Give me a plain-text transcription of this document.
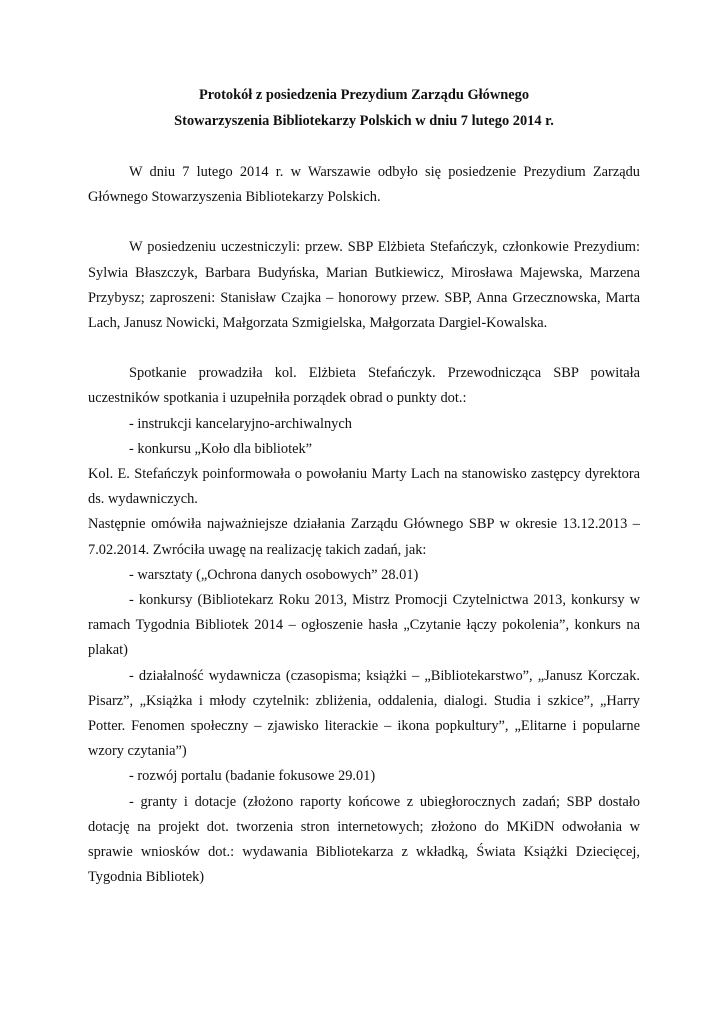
Protokół z posiedzenia Prezydium Zarządu Głównego
Stowarzyszenia Bibliotekarzy Polskich w dniu 7 lutego 2014 r.

W dniu 7 lutego 2014 r. w Warszawie odbyło się posiedzenie Prezydium Zarządu Głównego Stowarzyszenia Bibliotekarzy Polskich.

W posiedzeniu uczestniczyli: przew. SBP Elżbieta Stefańczyk, członkowie Prezydium: Sylwia Błaszczyk, Barbara Budyńska, Marian Butkiewicz, Mirosława Majewska, Marzena Przybysz; zaproszeni: Stanisław Czajka – honorowy przew. SBP, Anna Grzecznowska, Marta Lach, Janusz Nowicki, Małgorzata Szmigielska, Małgorzata Dargiel-Kowalska.

Spotkanie prowadziła kol. Elżbieta Stefańczyk. Przewodnicząca SBP powitała uczestników spotkania i uzupełniła porządek obrad o punkty dot.:

- instrukcji kancelaryjno-archiwalnych

- konkursu „Koło dla bibliotek”

Kol. E. Stefańczyk poinformowała o powołaniu Marty Lach na stanowisko zastępcy dyrektora ds. wydawniczych.

Następnie omówiła najważniejsze działania Zarządu Głównego SBP w okresie 13.12.2013 – 7.02.2014. Zwróciła uwagę na realizację takich zadań, jak:

- warsztaty („Ochrona danych osobowych” 28.01)

- konkursy (Bibliotekarz Roku 2013, Mistrz Promocji Czytelnictwa 2013, konkursy w ramach Tygodnia Bibliotek 2014 – ogłoszenie hasła „Czytanie łączy pokolenia”, konkurs na plakat)

- działalność wydawnicza (czasopisma; książki – „Bibliotekarstwo”, „Janusz Korczak. Pisarz”, „Książka i młody czytelnik: zbliżenia, oddalenia, dialogi. Studia i szkice”, „Harry Potter. Fenomen społeczny – zjawisko literackie – ikona popkultury”, „Elitarne i popularne wzory czytania”)

- rozwój portalu (badanie fokusowe 29.01)

- granty i dotacje (złożono raporty końcowe z ubiegłorocznych zadań; SBP dostało dotację na projekt dot. tworzenia stron internetowych; złożono do MKiDN odwołania w sprawie wniosków dot.: wydawania Bibliotekarza z wkładką, Świata Książki Dziecięcej, Tygodnia Bibliotek)
